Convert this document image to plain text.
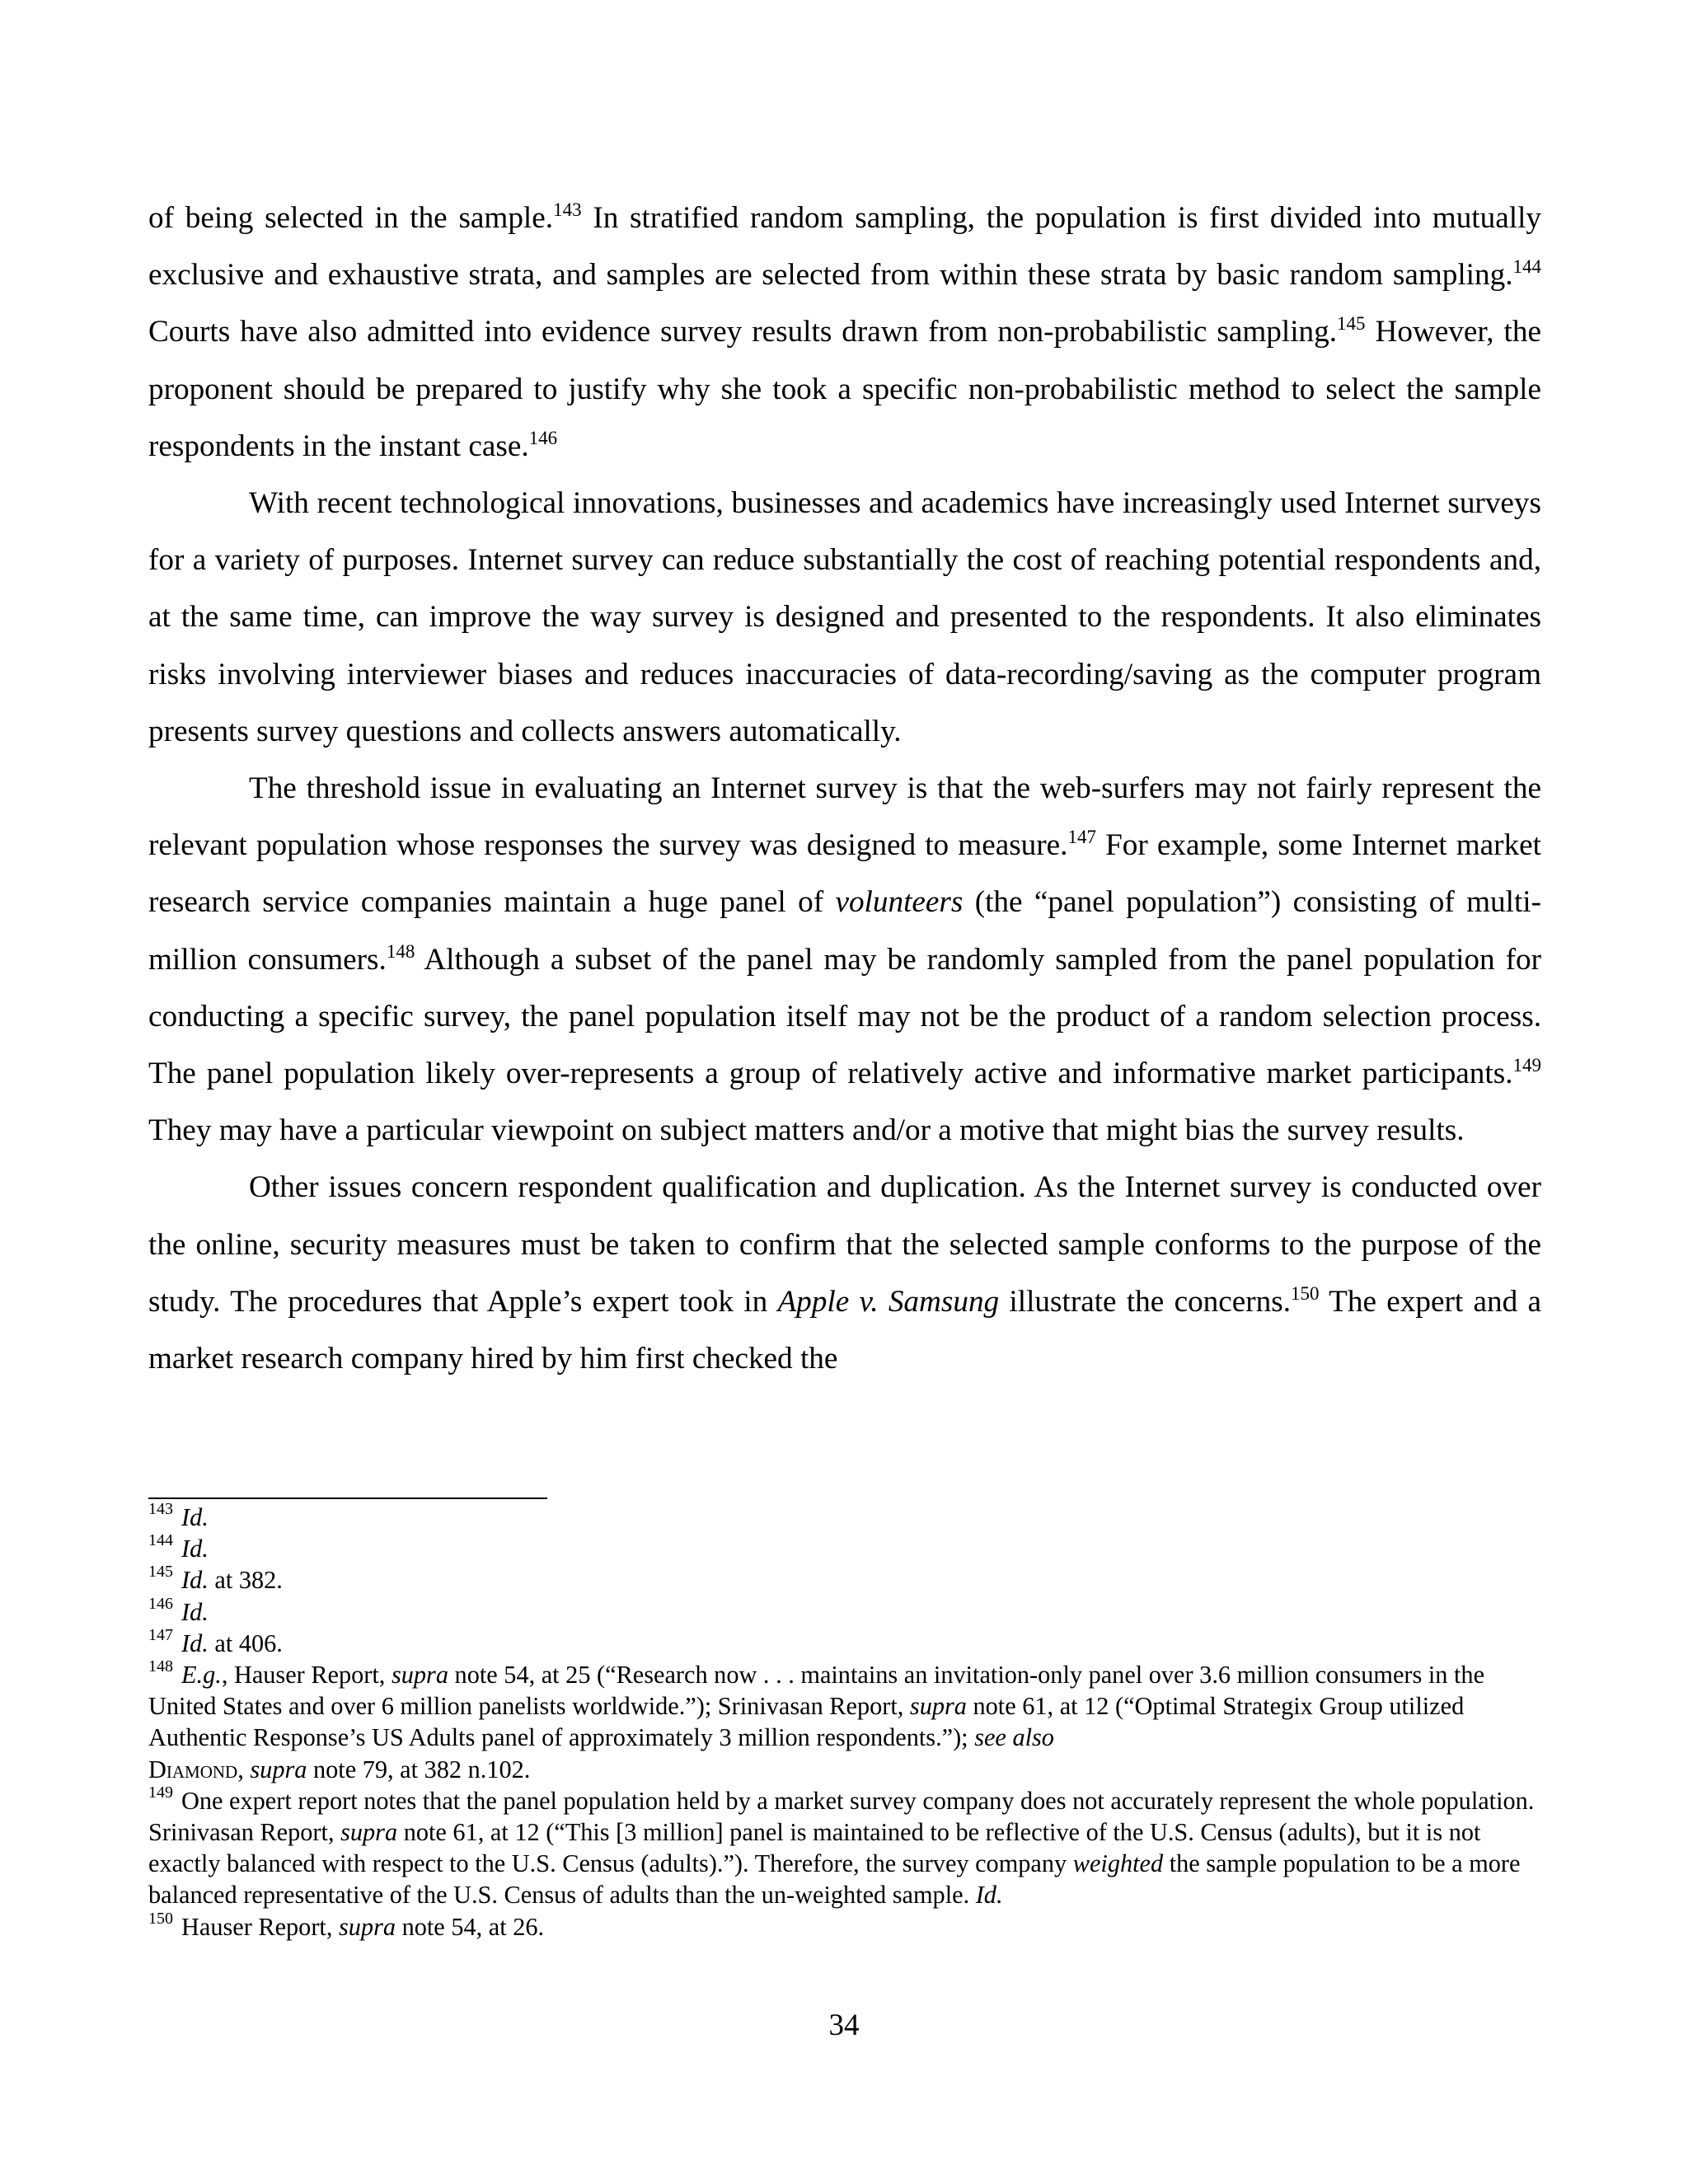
of being selected in the sample.$^{143}$ In stratified random sampling, the population is first divided into mutually exclusive and exhaustive strata, and samples are selected from within these strata by basic random sampling.$^{144}$ Courts have also admitted into evidence survey results drawn from non-probabilistic sampling.$^{145}$ However, the proponent should be prepared to justify why she took a specific non-probabilistic method to select the sample respondents in the instant case.$^{146}$

With recent technological innovations, businesses and academics have increasingly used Internet surveys for a variety of purposes. Internet survey can reduce substantially the cost of reaching potential respondents and, at the same time, can improve the way survey is designed and presented to the respondents. It also eliminates risks involving interviewer biases and reduces inaccuracies of data-recording/saving as the computer program presents survey questions and collects answers automatically.

The threshold issue in evaluating an Internet survey is that the web-surfers may not fairly represent the relevant population whose responses the survey was designed to measure.$^{147}$ For example, some Internet market research service companies maintain a huge panel of volunteers (the “panel population”) consisting of multi-million consumers.$^{148}$ Although a subset of the panel may be randomly sampled from the panel population for conducting a specific survey, the panel population itself may not be the product of a random selection process. The panel population likely over-represents a group of relatively active and informative market participants.$^{149}$ They may have a particular viewpoint on subject matters and/or a motive that might bias the survey results.

Other issues concern respondent qualification and duplication. As the Internet survey is conducted over the online, security measures must be taken to confirm that the selected sample conforms to the purpose of the study. The procedures that Apple’s expert took in Apple v. Samsung illustrate the concerns.$^{150}$ The expert and a market research company hired by him first checked the

$^{143}$ Id.

$^{144}$ Id.

$^{145}$ Id. at 382.

$^{146}$ Id.

$^{147}$ Id. at 406.

$^{148}$ E.g., Hauser Report, supra note 54, at 25 (“Research now . . . maintains an invitation-only panel over 3.6 million consumers in the United States and over 6 million panelists worldwide.”); Srinivasan Report, supra note 61, at 12 (“Optimal Strategix Group utilized Authentic Response’s US Adults panel of approximately 3 million respondents.”); see also
Diamond, supra note 79, at 382 n.102.

$^{149}$ One expert report notes that the panel population held by a market survey company does not accurately represent the whole population. Srinivasan Report, supra note 61, at 12 (“This [3 million] panel is maintained to be reflective of the U.S. Census (adults), but it is not exactly balanced with respect to the U.S. Census (adults).”). Therefore, the survey company weighted the sample population to be a more balanced representative of the U.S. Census of adults than the un-weighted sample. Id.

$^{150}$ Hauser Report, supra note 54, at 26.

34
